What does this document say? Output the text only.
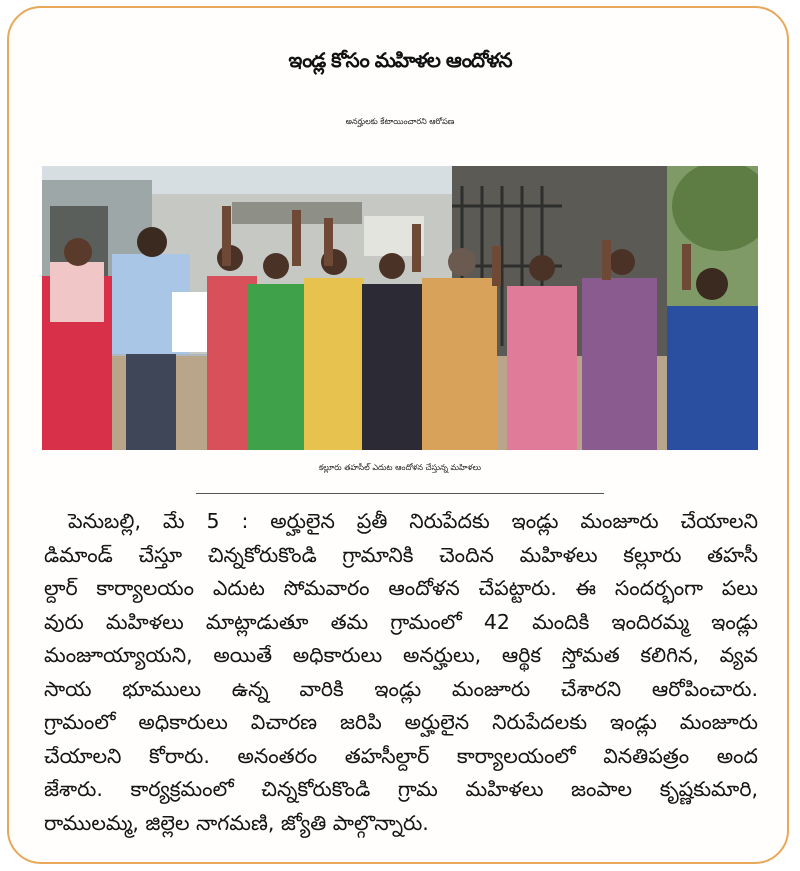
ఇండ్ల కోసం మహిళల ఆందోళన
అనర్హులకు కేటాయించారని ఆరోపణ
కల్లూరు తహసీల్ ఎదుట ఆందోళన చేస్తున్న మహిళలు
పెనుబల్లి, మే 5 : అర్హులైన ప్రతీ నిరుపేదకు ఇండ్లు మంజూరు చేయాలని
డిమాండ్ చేస్తూ చిన్నకోరుకొండి గ్రామానికి చెందిన మహిళలు కల్లూరు తహసీ
ల్దార్ కార్యాలయం ఎదుట సోమవారం ఆందోళన చేపట్టారు. ఈ సందర్భంగా పలు
వురు మహిళలు మాట్లాడుతూ తమ గ్రామంలో 42 మందికి ఇందిరమ్మ ఇండ్లు
మంజూయ్యాయని, అయితే అధికారులు అనర్హులు, ఆర్థిక స్తోమత కలిగిన, వ్యవ
సాయ భూములు ఉన్న వారికి ఇండ్లు మంజూరు చేశారని ఆరోపించారు.
గ్రామంలో అధికారులు విచారణ జరిపి అర్హులైన నిరుపేదలకు ఇండ్లు మంజూరు
చేయాలని కోరారు. అనంతరం తహసీల్దార్ కార్యాలయంలో వినతిపత్రం అంద
జేశారు. కార్యక్రమంలో చిన్నకోరుకొండి గ్రామ మహిళలు జంపాల కృష్ణకుమారి,
రాములమ్మ, జిల్లెల నాగమణి, జ్యోతి పాల్గొన్నారు.
